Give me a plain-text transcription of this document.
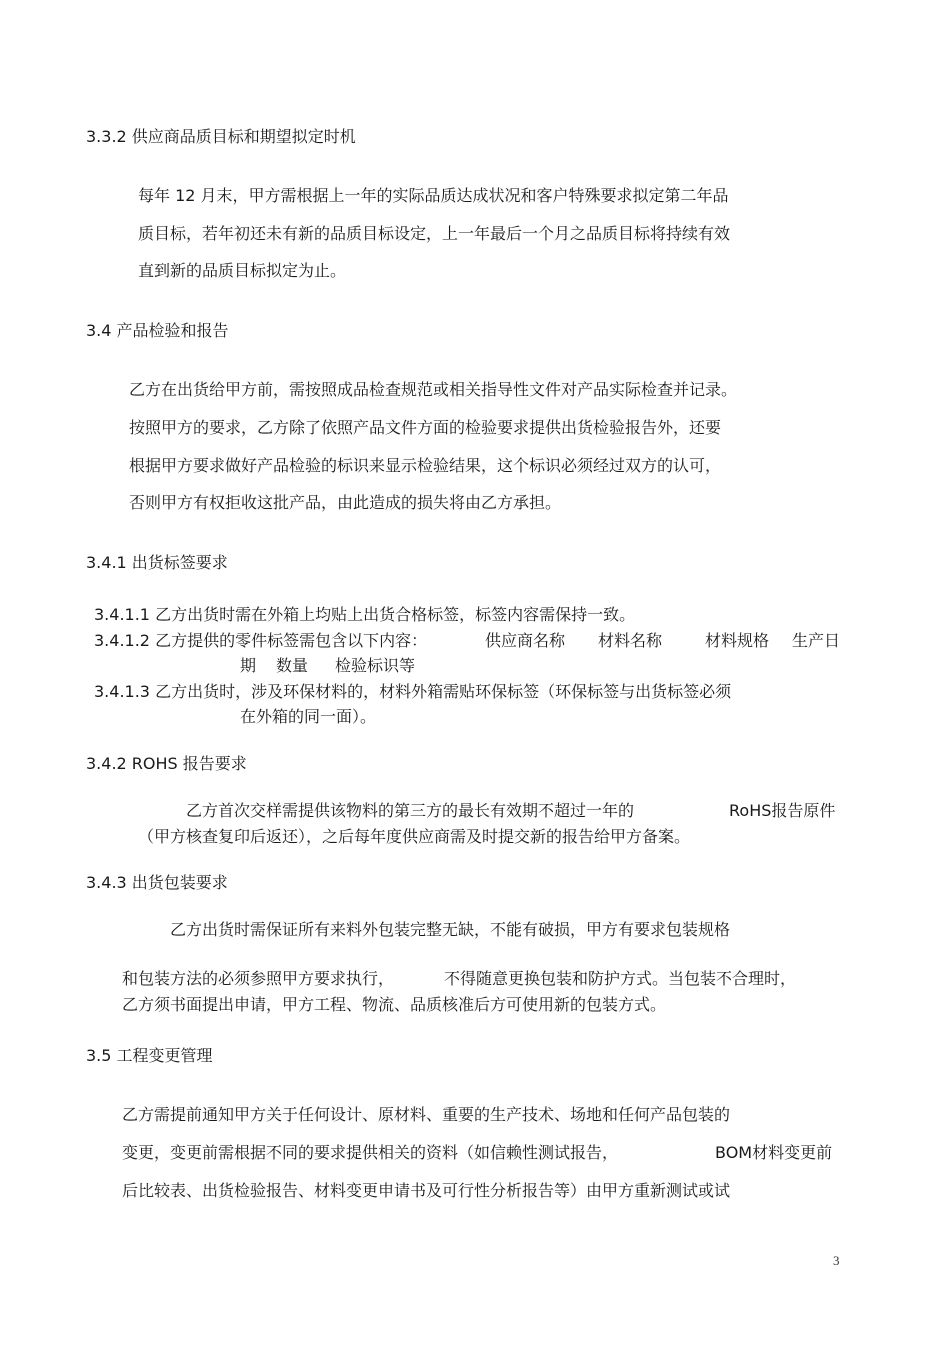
3.3.2 供应商品质目标和期望拟定时机
每年 12 月末，甲方需根据上一年的实际品质达成状况和客户特殊要求拟定第二年品
质目标，若年初还未有新的品质目标设定，上一年最后一个月之品质目标将持续有效
直到新的品质目标拟定为止。
3.4 产品检验和报告
乙方在出货给甲方前，需按照成品检查规范或相关指导性文件对产品实际检查并记录。
按照甲方的要求，乙方除了依照产品文件方面的检验要求提供出货检验报告外，还要
根据甲方要求做好产品检验的标识来显示检验结果，这个标识必须经过双方的认可，
否则甲方有权拒收这批产品，由此造成的损失将由乙方承担。
3.4.1 出货标签要求
3.4.1.1 乙方出货时需在外箱上均贴上出货合格标签，标签内容需保持一致。
3.4.1.2 乙方提供的零件标签需包含以下内容：	供应商名称 材料名称	材料规格 生产日
期 数量 检验标识等
3.4.1.3 乙方出货时，涉及环保材料的，材料外箱需贴环保标签（环保标签与出货标签必须
在外箱的同一面）。
3.4.2 ROHS 报告要求
乙方首次交样需提供该物料的第三方的最长有效期不超过一年的	RoHS报告原件
（甲方核查复印后返还），之后每年度供应商需及时提交新的报告给甲方备案。
3.4.3 出货包装要求
乙方出货时需保证所有来料外包装完整无缺，不能有破损，甲方有要求包装规格
和包装方法的必须参照甲方要求执行，	不得随意更换包装和防护方式。当包装不合理时，
乙方须书面提出申请，甲方工程、物流、品质核准后方可使用新的包装方式。
3.5 工程变更管理
乙方需提前通知甲方关于任何设计、原材料、重要的生产技术、场地和任何产品包装的
变更，变更前需根据不同的要求提供相关的资料（如信赖性测试报告，	BOM材料变更前
后比较表、出货检验报告、材料变更申请书及可行性分析报告等）由甲方重新测试或试
3
